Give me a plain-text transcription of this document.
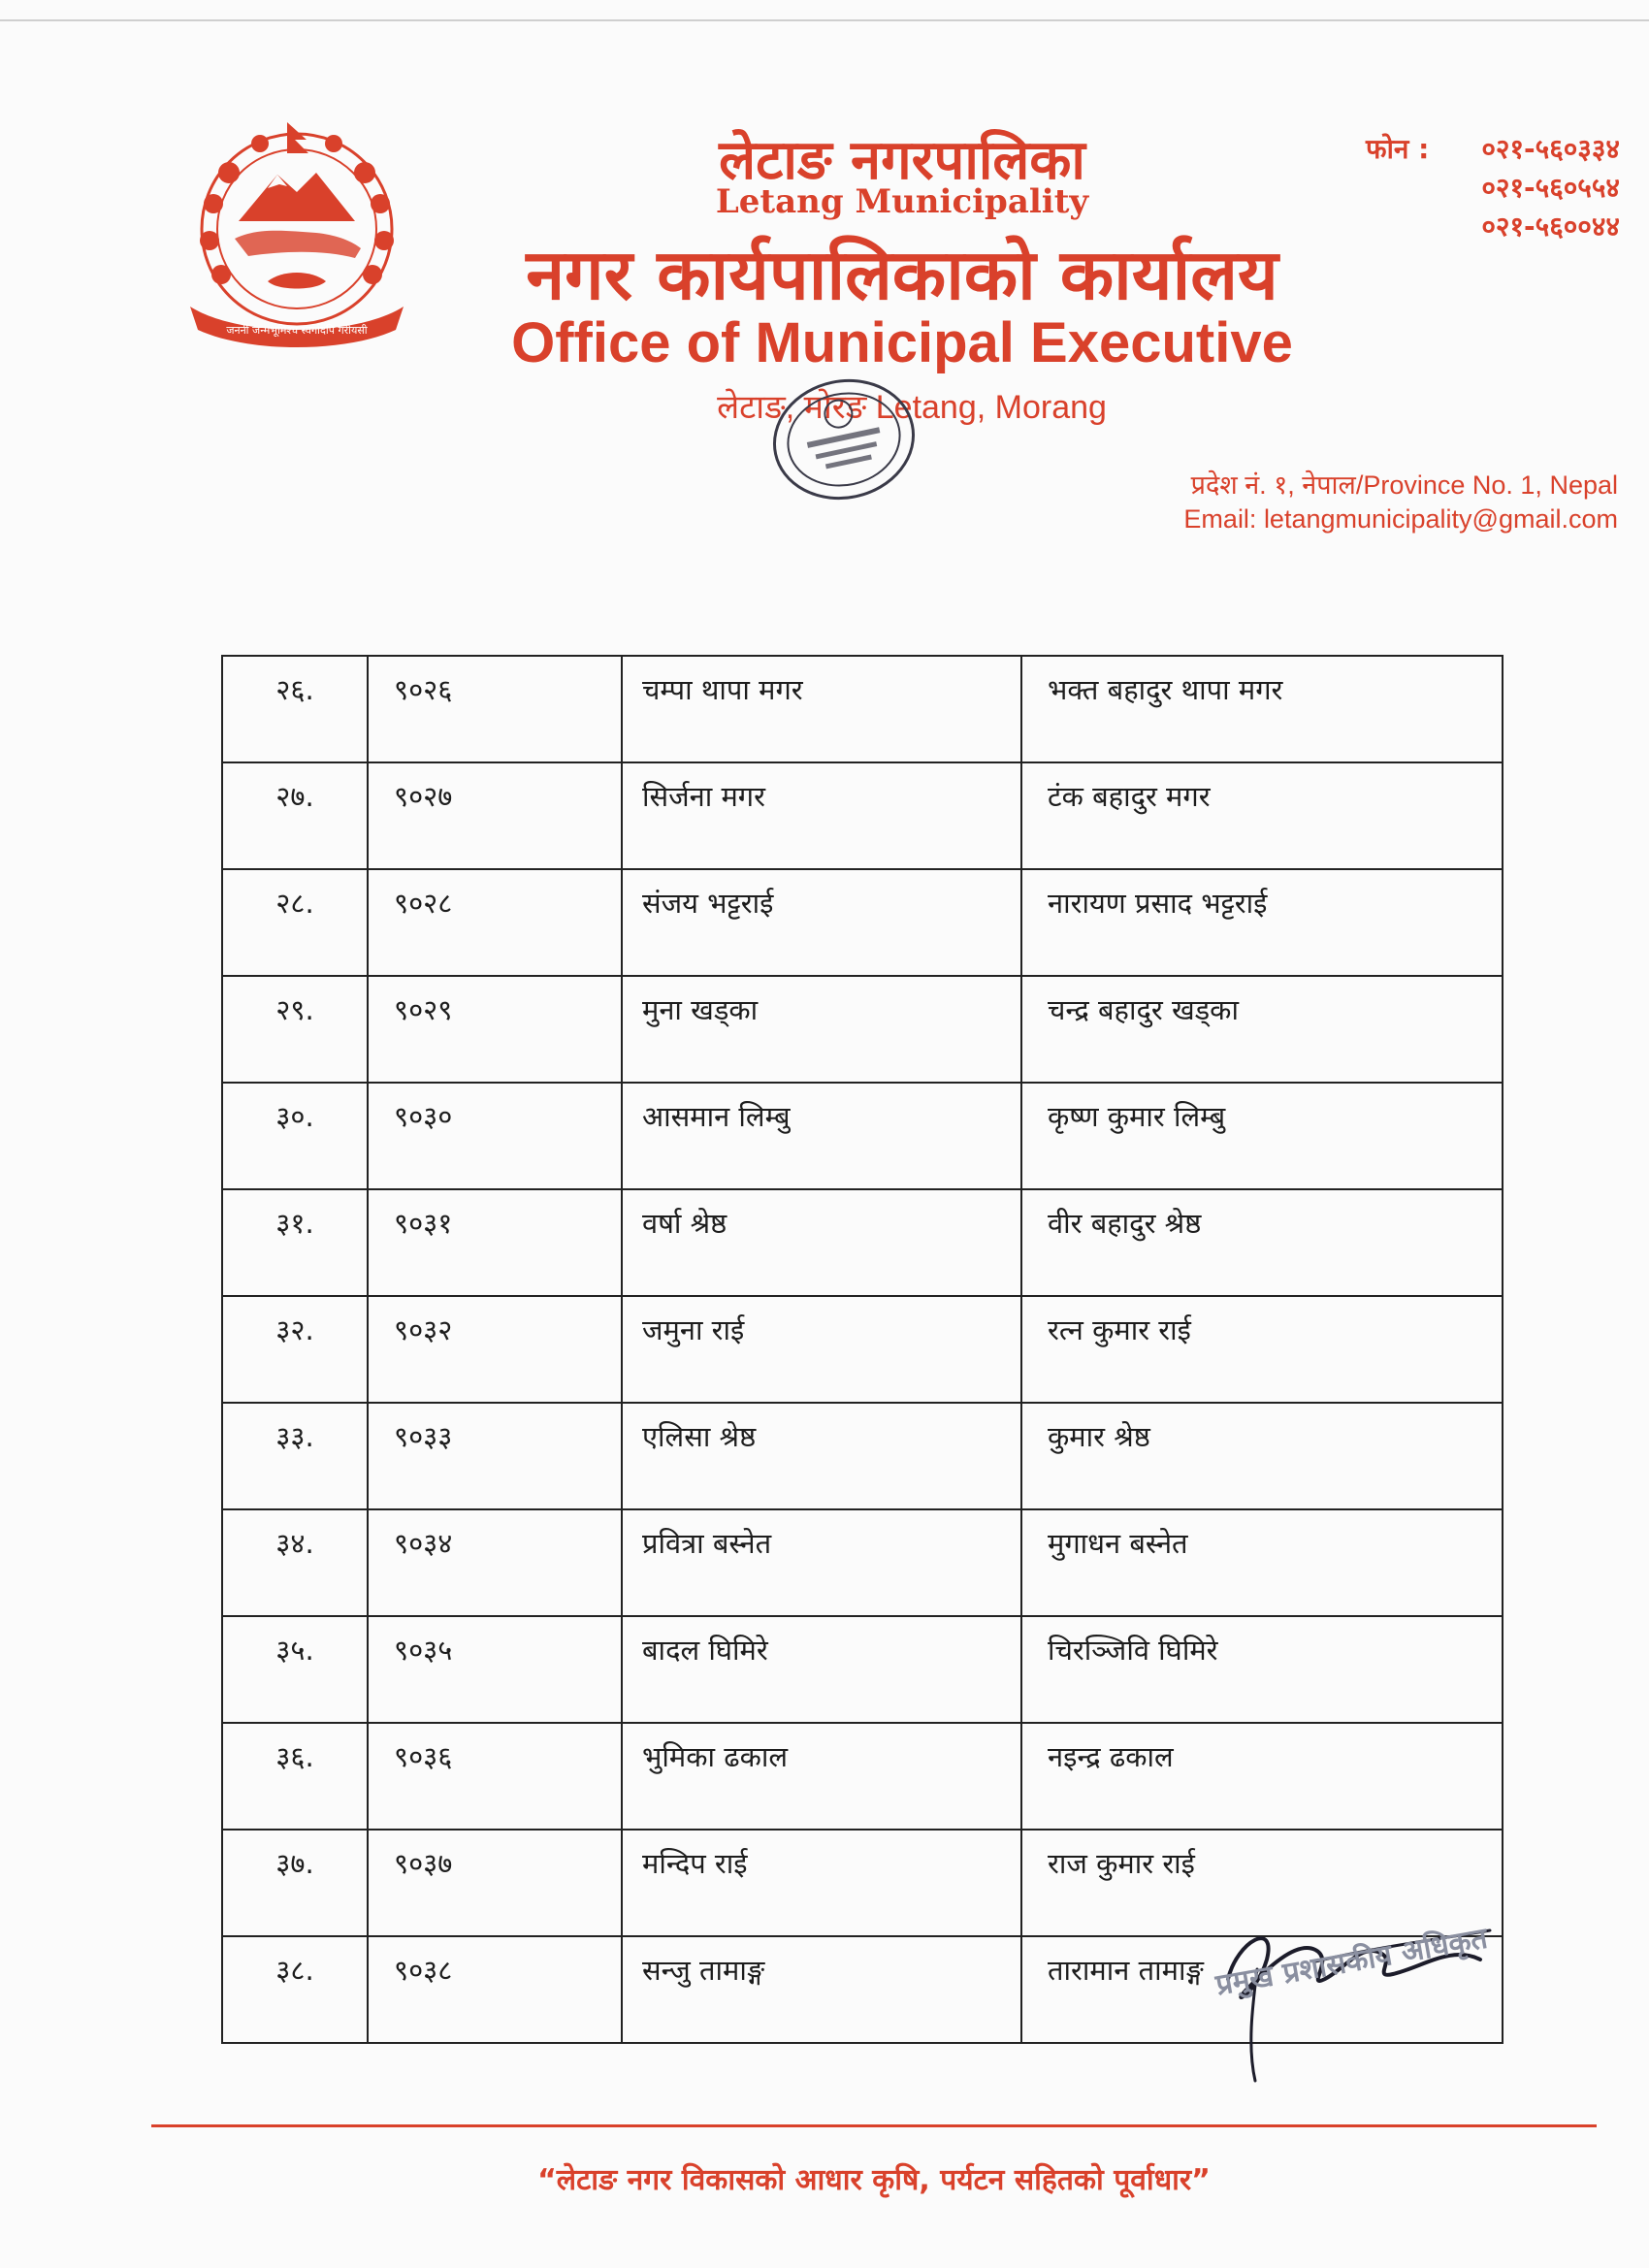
जननी जन्मभूमिश्च स्वर्गादपि गरीयसी
लेटाङ नगरपालिका
Letang Municipality
नगर कार्यपालिकाको कार्यालय
Office of Municipal Executive
लेटाङ, मोरङ Letang, Morang
फोन :	०२१-५६०३३४
०२१-५६०५५४
०२१-५६००४४
प्रदेश नं. १, नेपाल/Province No. 1, Nepal
Email: letangmunicipality@gmail.com
२६.	९०२६	चम्पा थापा मगर	भक्त बहादुर थापा मगर
२७.	९०२७	सिर्जना मगर	टंक बहादुर मगर
२८.	९०२८	संजय भट्टराई	नारायण प्रसाद भट्टराई
२९.	९०२९	मुना खड्का	चन्द्र बहादुर खड्का
३०.	९०३०	आसमान लिम्बु	कृष्ण कुमार लिम्बु
३१.	९०३१	वर्षा श्रेष्ठ	वीर बहादुर श्रेष्ठ
३२.	९०३२	जमुना राई	रत्न कुमार राई
३३.	९०३३	एलिसा श्रेष्ठ	कुमार श्रेष्ठ
३४.	९०३४	प्रवित्रा बस्नेत	मुगाधन बस्नेत
३५.	९०३५	बादल घिमिरे	चिरञ्जिवि घिमिरे
३६.	९०३६	भुमिका ढकाल	नइन्द्र ढकाल
३७.	९०३७	मन्दिप राई	राज कुमार राई
३८.	९०३८	सन्जु तामाङ्ग	तारामान तामाङ्ग प्रमुख प्रशासकीय अधिकृत
“लेटाङ नगर विकासको आधार कृषि, पर्यटन सहितको पूर्वाधार”
